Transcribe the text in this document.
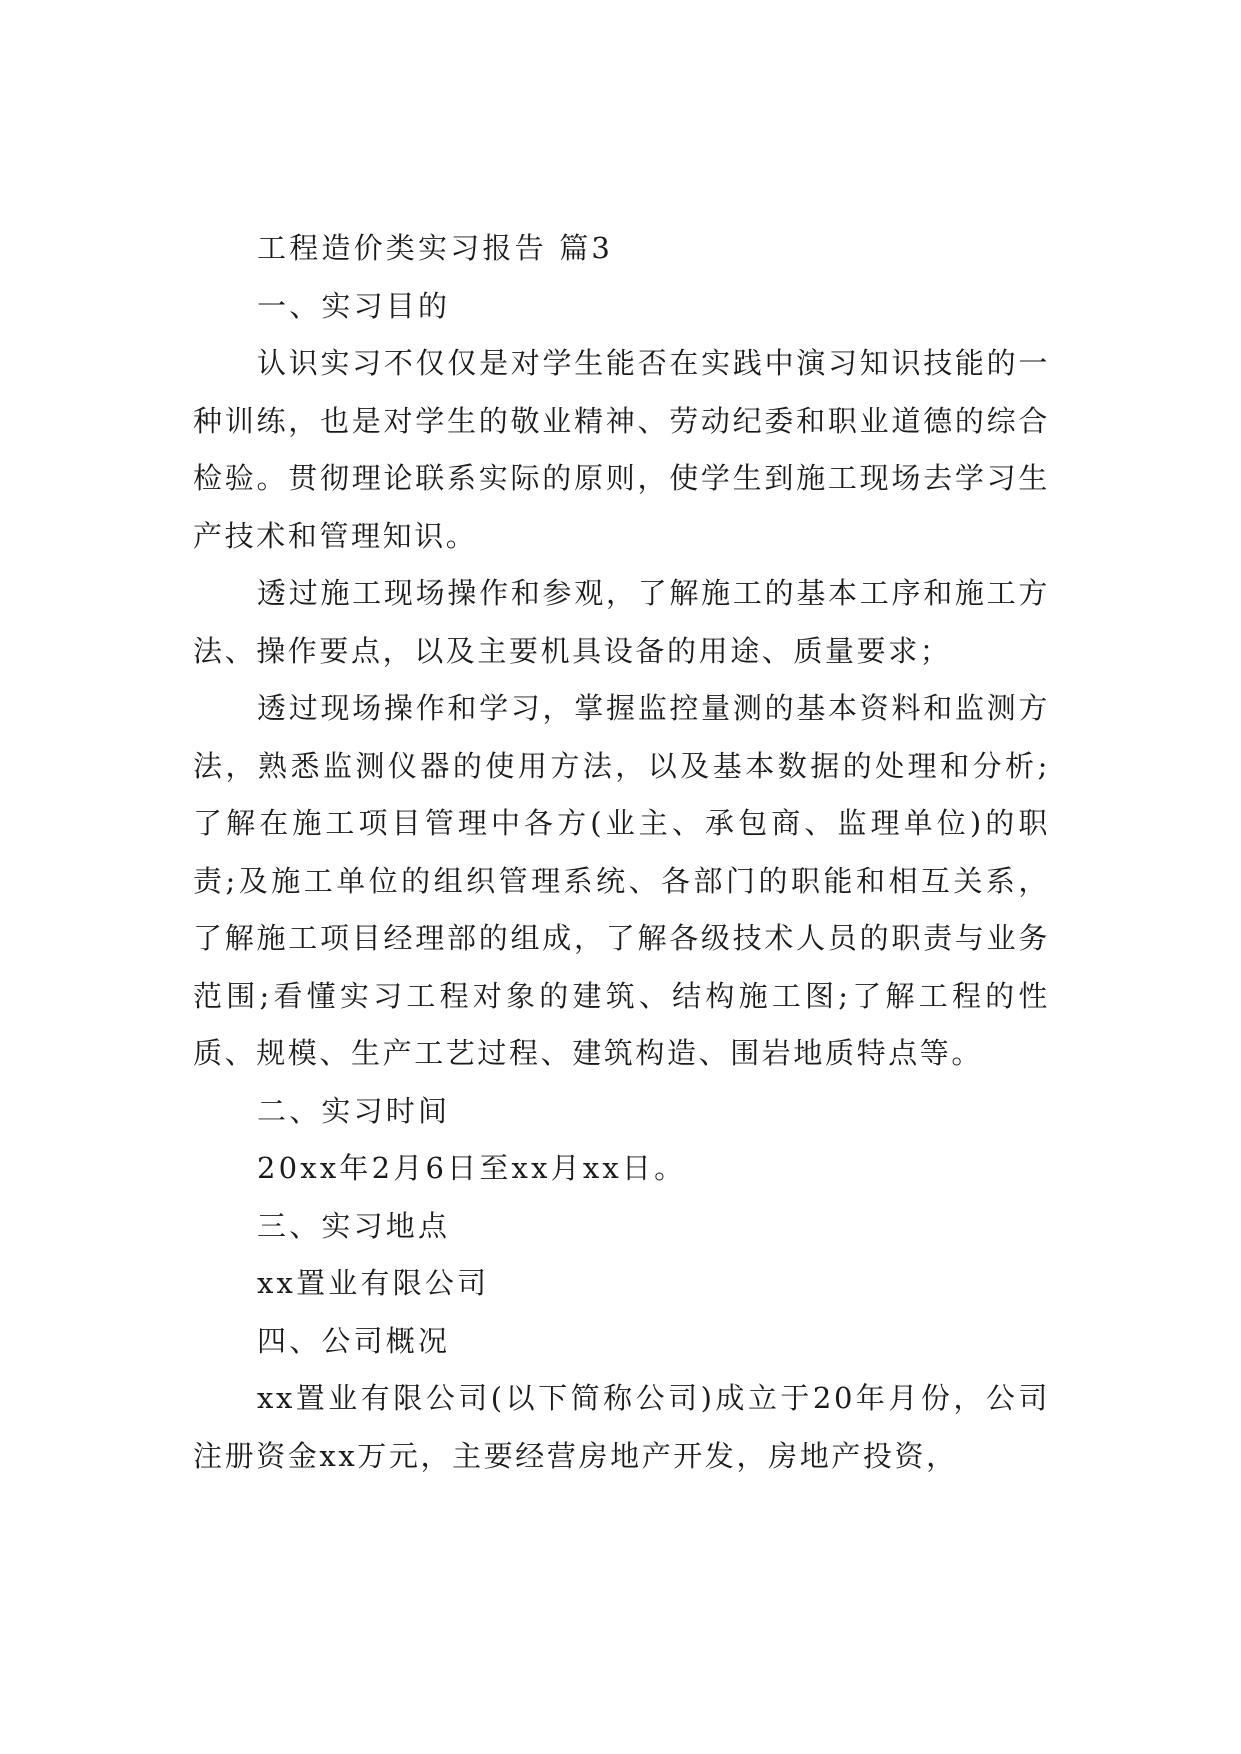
工程造价类实习报告 篇3
一、实习目的

认识实习不仅仅是对学生能否在实践中演习知识技能的一种训练，也是对学生的敬业精神、劳动纪委和职业道德的综合检验。贯彻理论联系实际的原则，使学生到施工现场去学习生产技术和管理知识。

透过施工现场操作和参观，了解施工的基本工序和施工方法、操作要点，以及主要机具设备的用途、质量要求；

透过现场操作和学习，掌握监控量测的基本资料和监测方法，熟悉监测仪器的使用方法，以及基本数据的处理和分析;了解在施工项目管理中各方(业主、承包商、监理单位)的职责;及施工单位的组织管理系统、各部门的职能和相互关系，了解施工项目经理部的组成，了解各级技术人员的职责与业务范围;看懂实习工程对象的建筑、结构施工图;了解工程的性质、规模、生产工艺过程、建筑构造、围岩地质特点等。

二、实习时间
20xx年2月6日至xx月xx日。
三、实习地点
xx置业有限公司
四、公司概况

xx置业有限公司(以下简称公司)成立于20年月份，公司注册资金xx万元，主要经营房地产开发，房地产投资，
